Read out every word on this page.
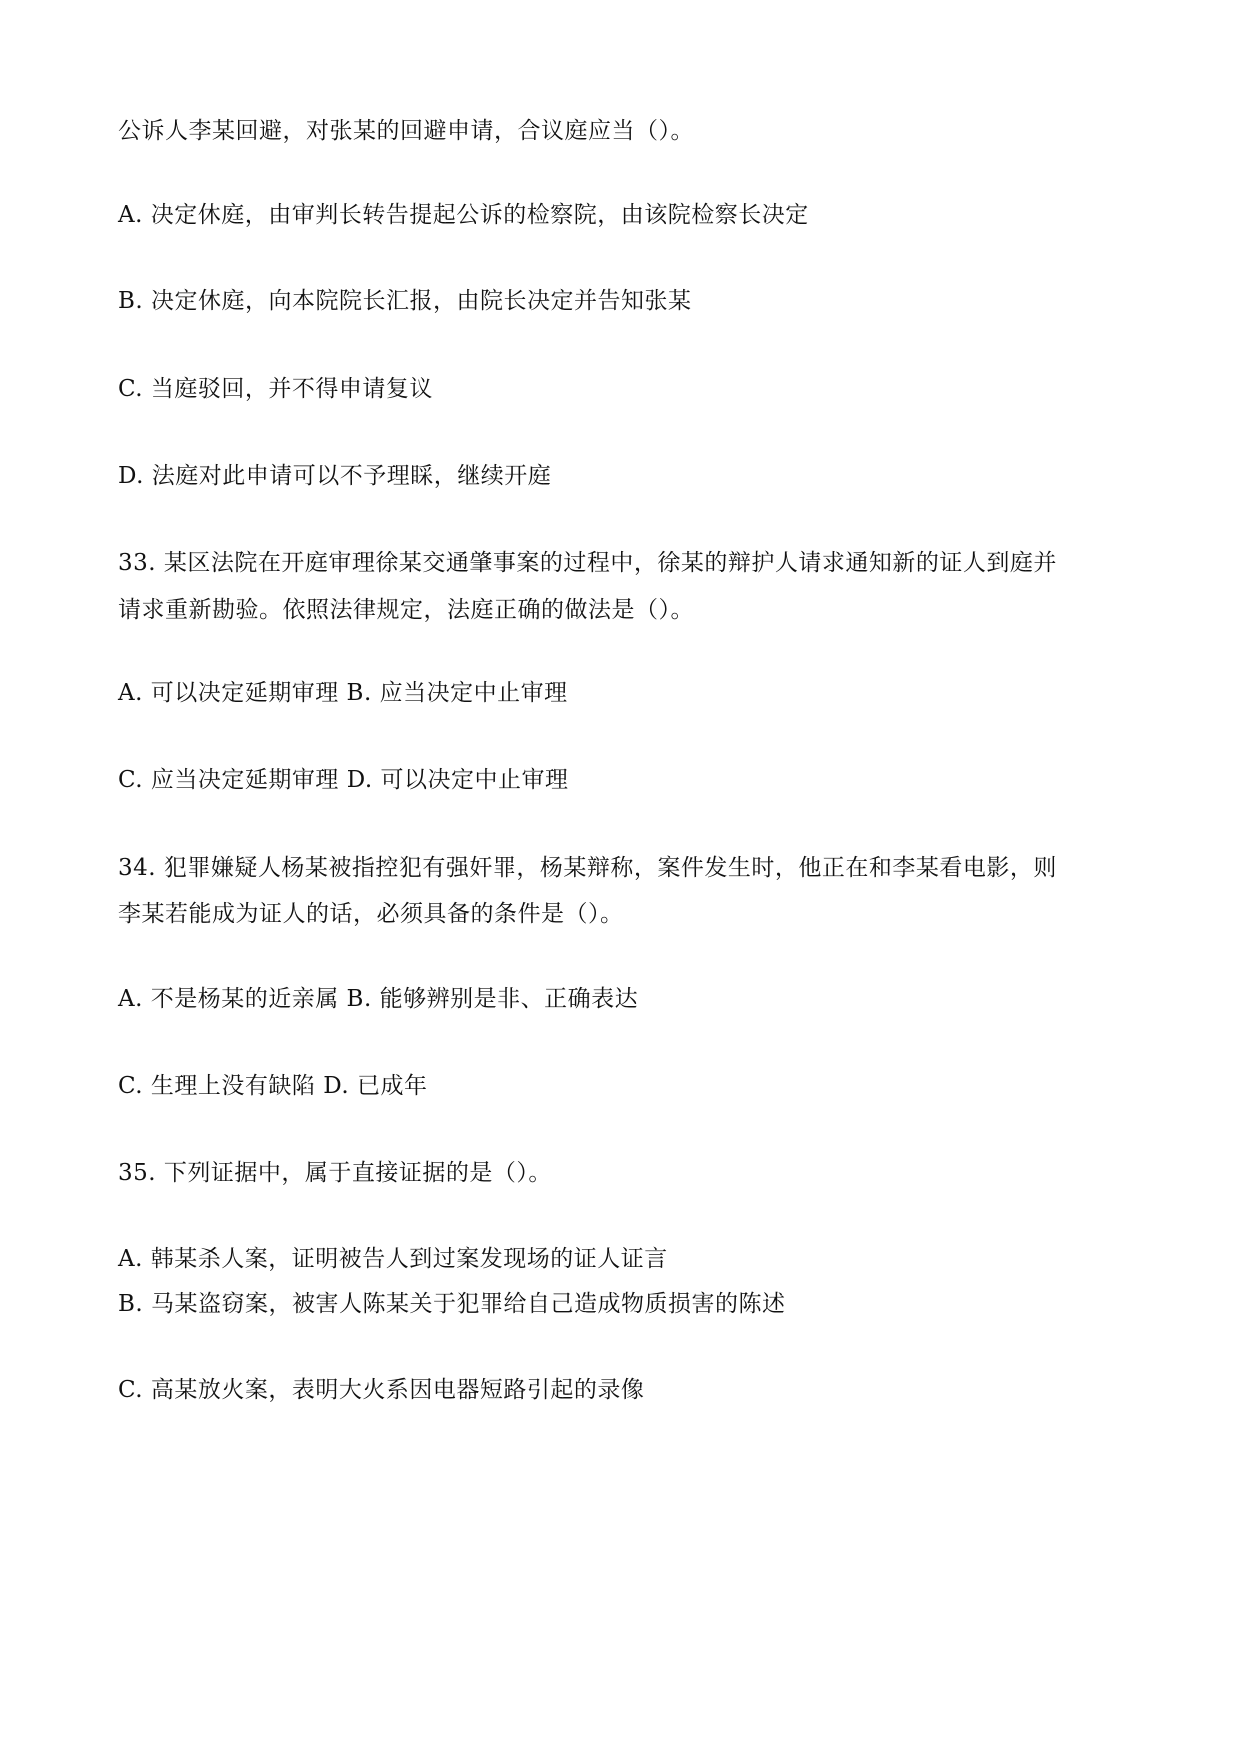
公诉人李某回避，对张某的回避申请，合议庭应当（）。
A. 决定休庭，由审判长转告提起公诉的检察院，由该院检察长决定
B. 决定休庭，向本院院长汇报，由院长决定并告知张某
C. 当庭驳回，并不得申请复议
D. 法庭对此申请可以不予理睬，继续开庭
33. 某区法院在开庭审理徐某交通肇事案的过程中，徐某的辩护人请求通知新的证人到庭并
请求重新勘验。依照法律规定，法庭正确的做法是（）。
A. 可以决定延期审理 B. 应当决定中止审理
C. 应当决定延期审理 D. 可以决定中止审理
34. 犯罪嫌疑人杨某被指控犯有强奸罪，杨某辩称，案件发生时，他正在和李某看电影，则
李某若能成为证人的话，必须具备的条件是（）。
A. 不是杨某的近亲属 B. 能够辨别是非、正确表达
C. 生理上没有缺陷 D. 已成年
35. 下列证据中，属于直接证据的是（）。
A. 韩某杀人案，证明被告人到过案发现场的证人证言
B. 马某盗窃案，被害人陈某关于犯罪给自己造成物质损害的陈述
C. 高某放火案，表明大火系因电器短路引起的录像
